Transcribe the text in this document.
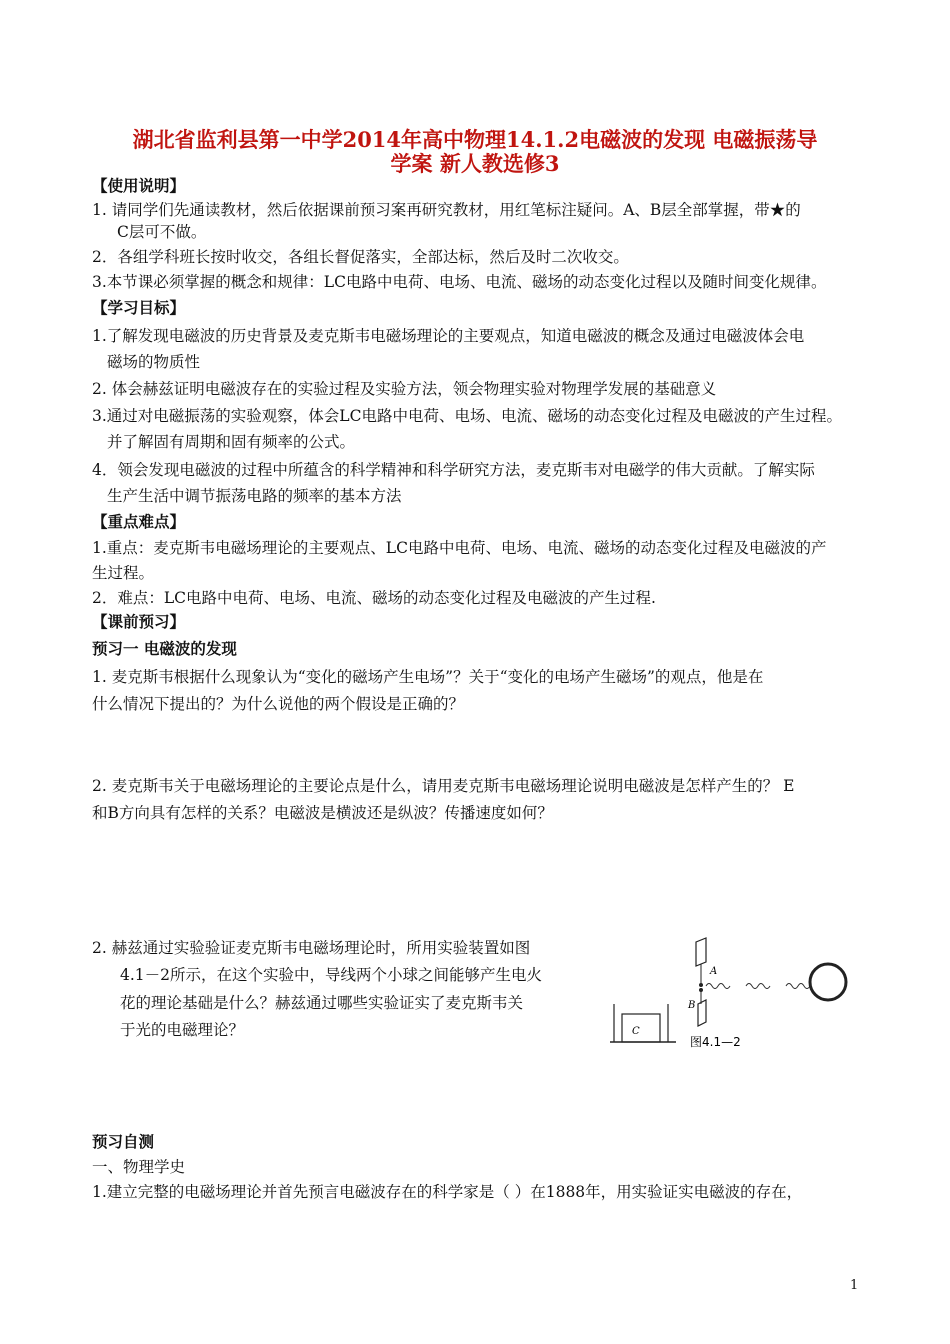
湖北省监利县第一中学2014年高中物理14.1.2电磁波的发现 电磁振荡导
学案 新人教选修3
【使用说明】
1. 请同学们先通读教材，然后依据课前预习案再研究教材，用红笔标注疑问。A、B层全部掌握，带★的
C层可不做。
2．各组学科班长按时收交，各组长督促落实，全部达标，然后及时二次收交。
3.本节课必须掌握的概念和规律：LC电路中电荷、电场、电流、磁场的动态变化过程以及随时间变化规律。
【学习目标】
1.了解发现电磁波的历史背景及麦克斯韦电磁场理论的主要观点，知道电磁波的概念及通过电磁波体会电
磁场的物质性
2. 体会赫兹证明电磁波存在的实验过程及实验方法，领会物理实验对物理学发展的基础意义
3.通过对电磁振荡的实验观察，体会LC电路中电荷、电场、电流、磁场的动态变化过程及电磁波的产生过程。
并了解固有周期和固有频率的公式。
4．领会发现电磁波的过程中所蕴含的科学精神和科学研究方法，麦克斯韦对电磁学的伟大贡献。了解实际
生产生活中调节振荡电路的频率的基本方法
【重点难点】
1.重点：麦克斯韦电磁场理论的主要观点、LC电路中电荷、电场、电流、磁场的动态变化过程及电磁波的产
生过程。
2．难点：LC电路中电荷、电场、电流、磁场的动态变化过程及电磁波的产生过程.
【课前预习】
预习一 电磁波的发现
1. 麦克斯韦根据什么现象认为“变化的磁场产生电场”？关于“变化的电场产生磁场”的观点，他是在
什么情况下提出的？为什么说他的两个假设是正确的？
2. 麦克斯韦关于电磁场理论的主要论点是什么，请用麦克斯韦电磁场理论说明电磁波是怎样产生的？ E
和B方向具有怎样的关系？电磁波是横波还是纵波？传播速度如何？
2. 赫兹通过实验验证麦克斯韦电磁场理论时，所用实验装置如图
4.1－2所示，在这个实验中，导线两个小球之间能够产生电火
花的理论基础是什么？赫兹通过哪些实验证实了麦克斯韦关
于光的电磁理论？
A
B
C
图4.1—2
预习自测
一、物理学史
1.建立完整的电磁场理论并首先预言电磁波存在的科学家是（ ）在1888年，用实验证实电磁波的存在，
1
